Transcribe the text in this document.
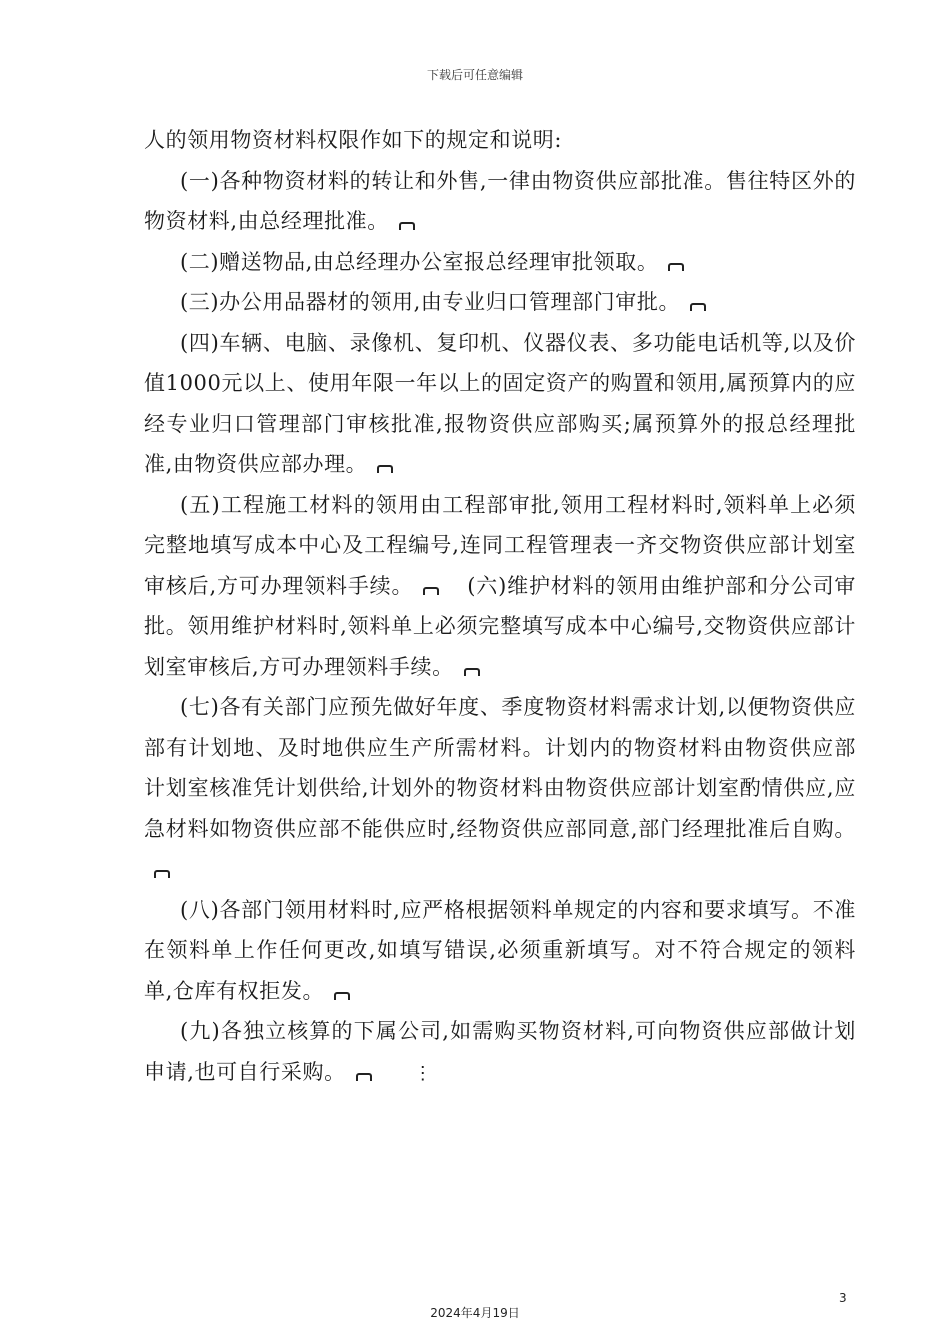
下载后可任意编辑

人的领用物资材料权限作如下的规定和说明:

(一)各种物资材料的转让和外售,一律由物资供应部批准。售往特区外的物资材料,由总经理批准。

(二)赠送物品,由总经理办公室报总经理审批领取。

(三)办公用品器材的领用,由专业归口管理部门审批。

(四)车辆、电脑、录像机、复印机、仪器仪表、多功能电话机等,以及价值1000元以上、使用年限一年以上的固定资产的购置和领用,属预算内的应经专业归口管理部门审核批准,报物资供应部购买;属预算外的报总经理批准,由物资供应部办理。

(五)工程施工材料的领用由工程部审批,领用工程材料时,领料单上必须完整地填写成本中心及工程编号,连同工程管理表一齐交物资供应部计划室审核后,方可办理领料手续。	(六)维护材料的领用由维护部和分公司审批。领用维护材料时,领料单上必须完整填写成本中心编号,交物资供应部计划室审核后,方可办理领料手续。

(七)各有关部门应预先做好年度、季度物资材料需求计划,以便物资供应部有计划地、及时地供应生产所需材料。计划内的物资材料由物资供应部计划室核准凭计划供给,计划外的物资材料由物资供应部计划室酌情供应,应急材料如物资供应部不能供应时,经物资供应部同意,部门经理批准后自购。

(八)各部门领用材料时,应严格根据领料单规定的内容和要求填写。不准在领料单上作任何更改,如填写错误,必须重新填写。对不符合规定的领料单,仓库有权拒发。

(九)各独立核算的下属公司,如需购买物资材料,可向物资供应部做计划申请,也可自行采购。	⋮

3
2024年4月19日
